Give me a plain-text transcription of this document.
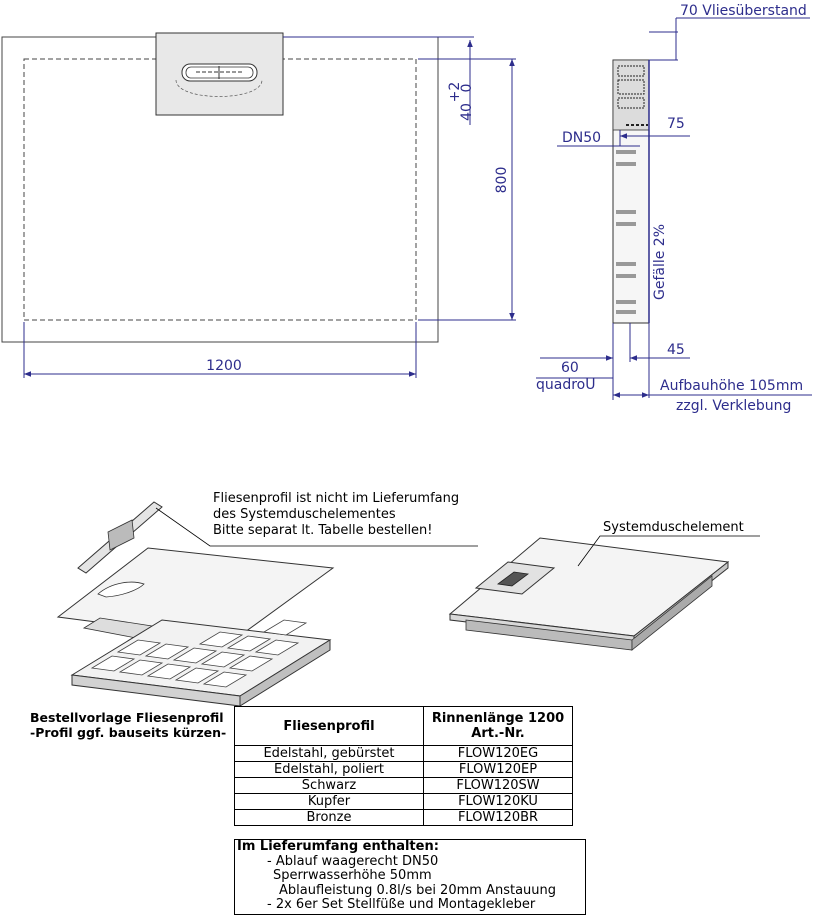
1200
800
+2
0
40
70 Vliesüberstand
DN50
75
Gefälle 2%
60
quadroU
45
Aufbauhöhe 105mm
zzgl. Verklebung
Fliesenprofil ist nicht im Lieferumfang
des Systemduschelementes
Bitte separat lt. Tabelle bestellen!	Systemduschelement
Bestellvorlage Fliesenprofil
-Profil ggf. bauseits kürzen-	Fliesenprofil	Rinnenlänge 1200
Art.-Nr.

Edelstahl, gebürstet	FLOW120EG
Edelstahl, poliert	FLOW120EP
Schwarz	FLOW120SW
Kupfer	FLOW120KU
Bronze	FLOW120BR
Im Lieferumfang enthalten:
- Ablauf waagerecht DN50
Sperrwasserhöhe 50mm
Ablaufleistung 0.8l/s bei 20mm Anstauung
- 2x 6er Set Stellfüße und Montagekleber
